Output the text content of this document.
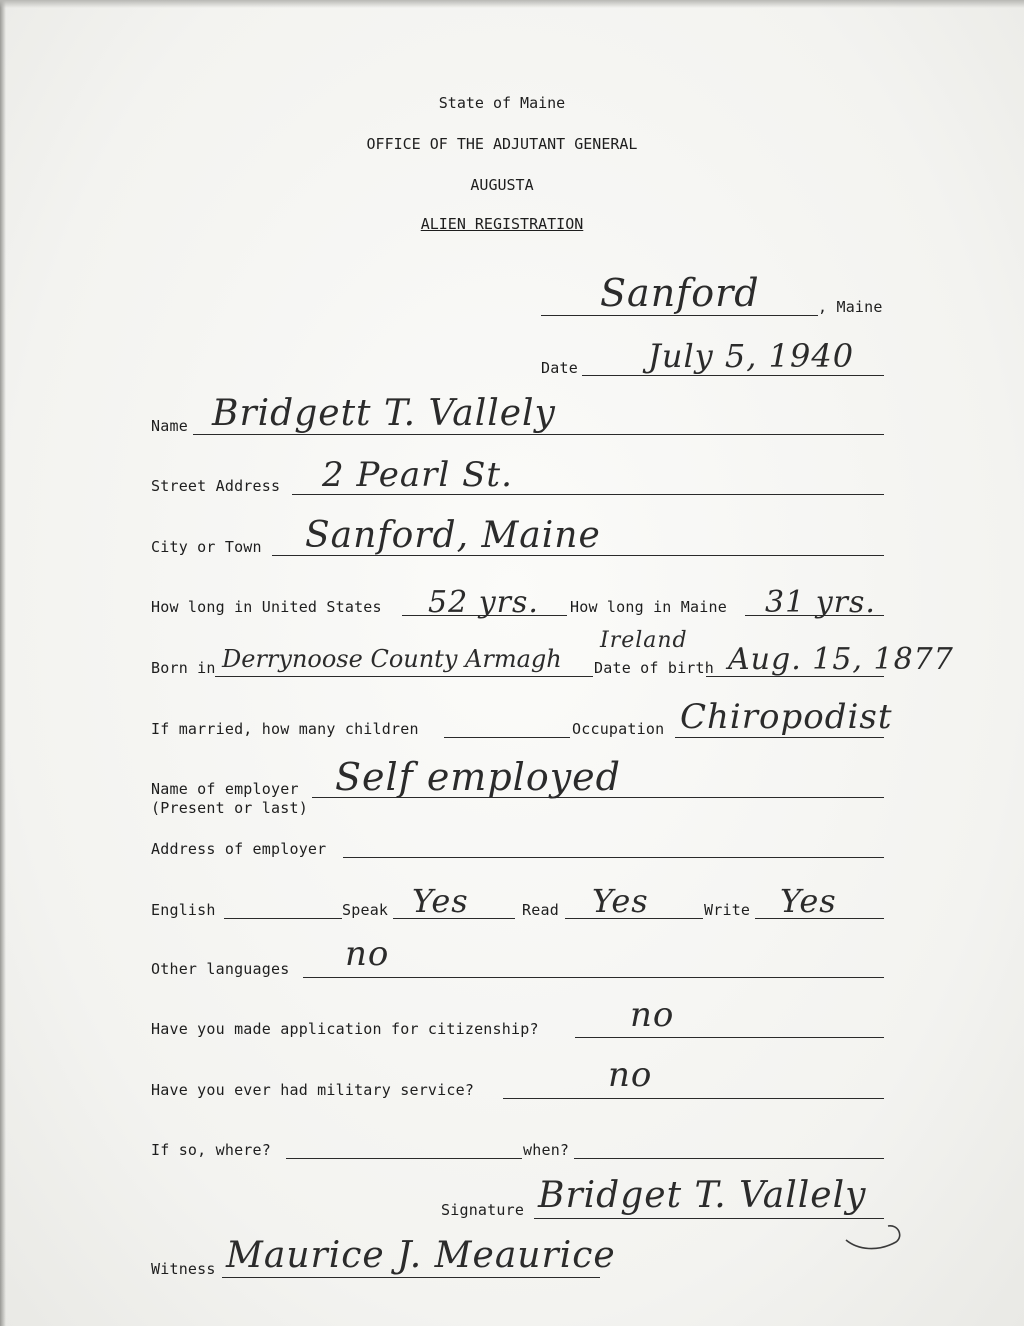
State of Maine
OFFICE OF THE ADJUTANT GENERAL
AUGUSTA
ALIEN REGISTRATION
Sanford	, Maine
Date July 5, 1940
Name Bridgett T. Vallely
Street Address 2 Pearl St.
City or Town Sanford, Maine
How long in United States 52 yrs. How long in Maine 31 yrs.
Born in Derrynoose County Armagh
Ireland
Date of birth Aug. 15, 1877
If married, how many children	Occupation Chiropodist
Name of employer
(Present or last)
Self employed
Address of employer
English	Speak Yes	Read Yes	Write Yes
Other languages no
Have you made application for citizenship?	no
Have you ever had military service?	no
If so, where?	when?
Signature Bridget T. Vallely
Witness Maurice J. Meaurice
